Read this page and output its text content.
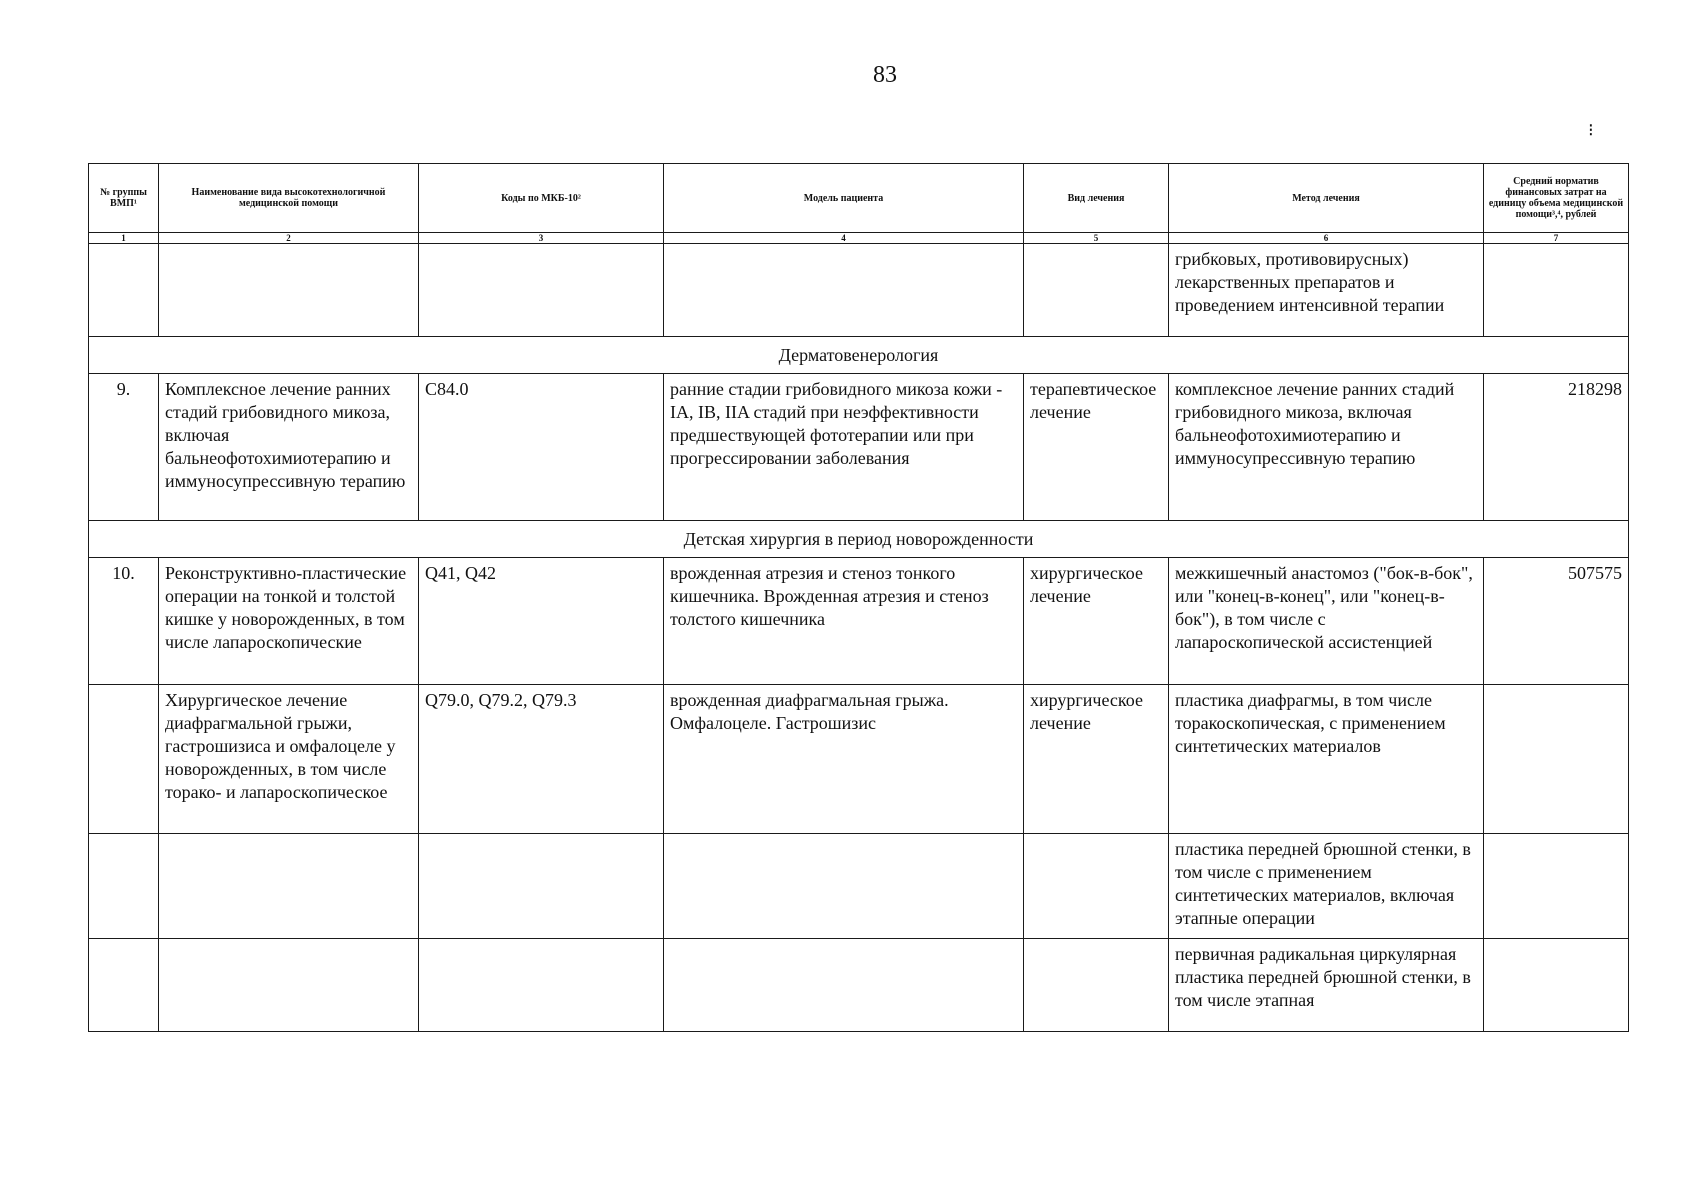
83
⁝
№ группы ВМП¹	Наименование вида высокотехнологичной медицинской помощи	Коды по МКБ-10²	Модель пациента	Вид лечения	Метод лечения	Средний норматив финансовых затрат на единицу объема медицинской помощи³,⁴, рублей
1	2	3	4	5	6	7
					грибковых, противовирусных) лекарственных препаратов и проведением интенсивной терапии	
Дерматовенерология						
9.	Комплексное лечение ранних стадий грибовидного микоза, включая бальнеофотохимиотерапию и иммуносупрессивную терапию	C84.0	ранние стадии грибовидного микоза кожи - IA, IB, IIA стадий при неэффективности предшествующей фототерапии или при прогрессировании заболевания	терапевтическое лечение	комплексное лечение ранних стадий грибовидного микоза, включая бальнеофотохимиотерапию и иммуносупрессивную терапию	218298
Детская хирургия в период новорожденности						
10.	Реконструктивно-пластические операции на тонкой и толстой кишке у новорожденных, в том числе лапароскопические	Q41, Q42	врожденная атрезия и стеноз тонкого кишечника. Врожденная атрезия и стеноз толстого кишечника	хирургическое лечение	межкишечный анастомоз ("бок-в-бок", или "конец-в-конец", или "конец-в-бок"), в том числе с лапароскопической ассистенцией	507575
	Хирургическое лечение диафрагмальной грыжи, гастрошизиса и омфалоцеле у новорожденных, в том числе торако- и лапароскопическое	Q79.0, Q79.2, Q79.3	врожденная диафрагмальная грыжа. Омфалоцеле. Гастрошизис	хирургическое лечение	пластика диафрагмы, в том числе торакоскопическая, с применением синтетических материалов	
					пластика передней брюшной стенки, в том числе с применением синтетических материалов, включая этапные операции	
					первичная радикальная циркулярная пластика передней брюшной стенки, в том числе этапная	
